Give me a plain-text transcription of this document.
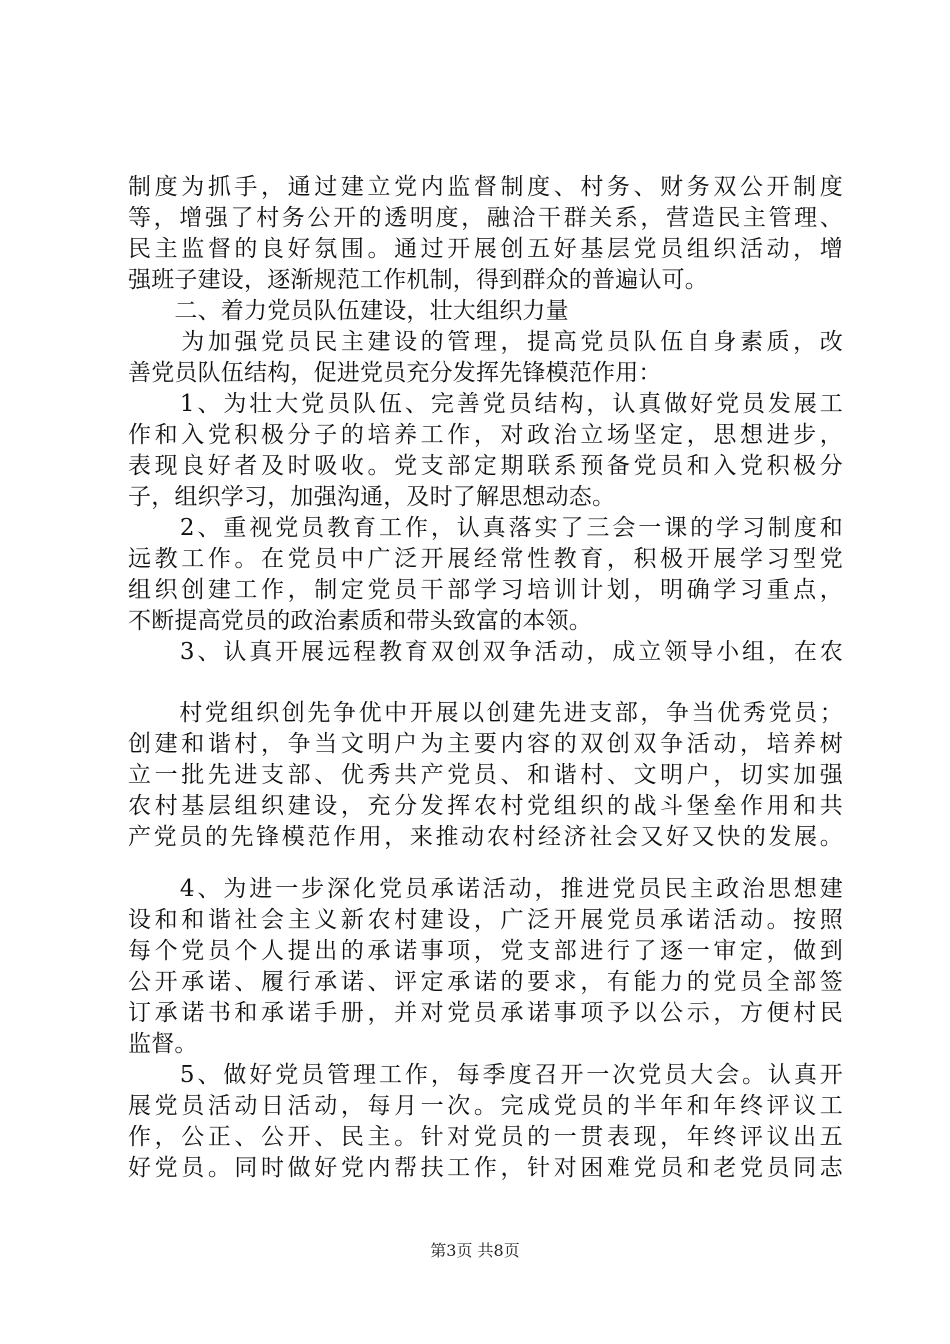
制度为抓手，通过建立党内监督制度、村务、财务双公开制度
等，增强了村务公开的透明度，融洽干群关系，营造民主管理、
民主监督的良好氛围。通过开展创五好基层党员组织活动，增
强班子建设，逐渐规范工作机制，得到群众的普遍认可。
　　二、着力党员队伍建设，壮大组织力量
　　为加强党员民主建设的管理，提高党员队伍自身素质，改
善党员队伍结构，促进党员充分发挥先锋模范作用：
　　1、为壮大党员队伍、完善党员结构，认真做好党员发展工
作和入党积极分子的培养工作，对政治立场坚定，思想进步，
表现良好者及时吸收。党支部定期联系预备党员和入党积极分
子，组织学习，加强沟通，及时了解思想动态。
　　2、重视党员教育工作，认真落实了三会一课的学习制度和
远教工作。在党员中广泛开展经常性教育，积极开展学习型党
组织创建工作，制定党员干部学习培训计划，明确学习重点，
不断提高党员的政治素质和带头致富的本领。
　　3、认真开展远程教育双创双争活动，成立领导小组，在农
　　村党组织创先争优中开展以创建先进支部，争当优秀党员；
创建和谐村，争当文明户为主要内容的双创双争活动，培养树
立一批先进支部、优秀共产党员、和谐村、文明户，切实加强
农村基层组织建设，充分发挥农村党组织的战斗堡垒作用和共
产党员的先锋模范作用，来推动农村经济社会又好又快的发展。
　　4、为进一步深化党员承诺活动，推进党员民主政治思想建
设和和谐社会主义新农村建设，广泛开展党员承诺活动。按照
每个党员个人提出的承诺事项，党支部进行了逐一审定，做到
公开承诺、履行承诺、评定承诺的要求，有能力的党员全部签
订承诺书和承诺手册，并对党员承诺事项予以公示，方便村民
监督。
　　5、做好党员管理工作，每季度召开一次党员大会。认真开
展党员活动日活动，每月一次。完成党员的半年和年终评议工
作，公正、公开、民主。针对党员的一贯表现，年终评议出五
好党员。同时做好党内帮扶工作，针对困难党员和老党员同志
第3页 共8页
